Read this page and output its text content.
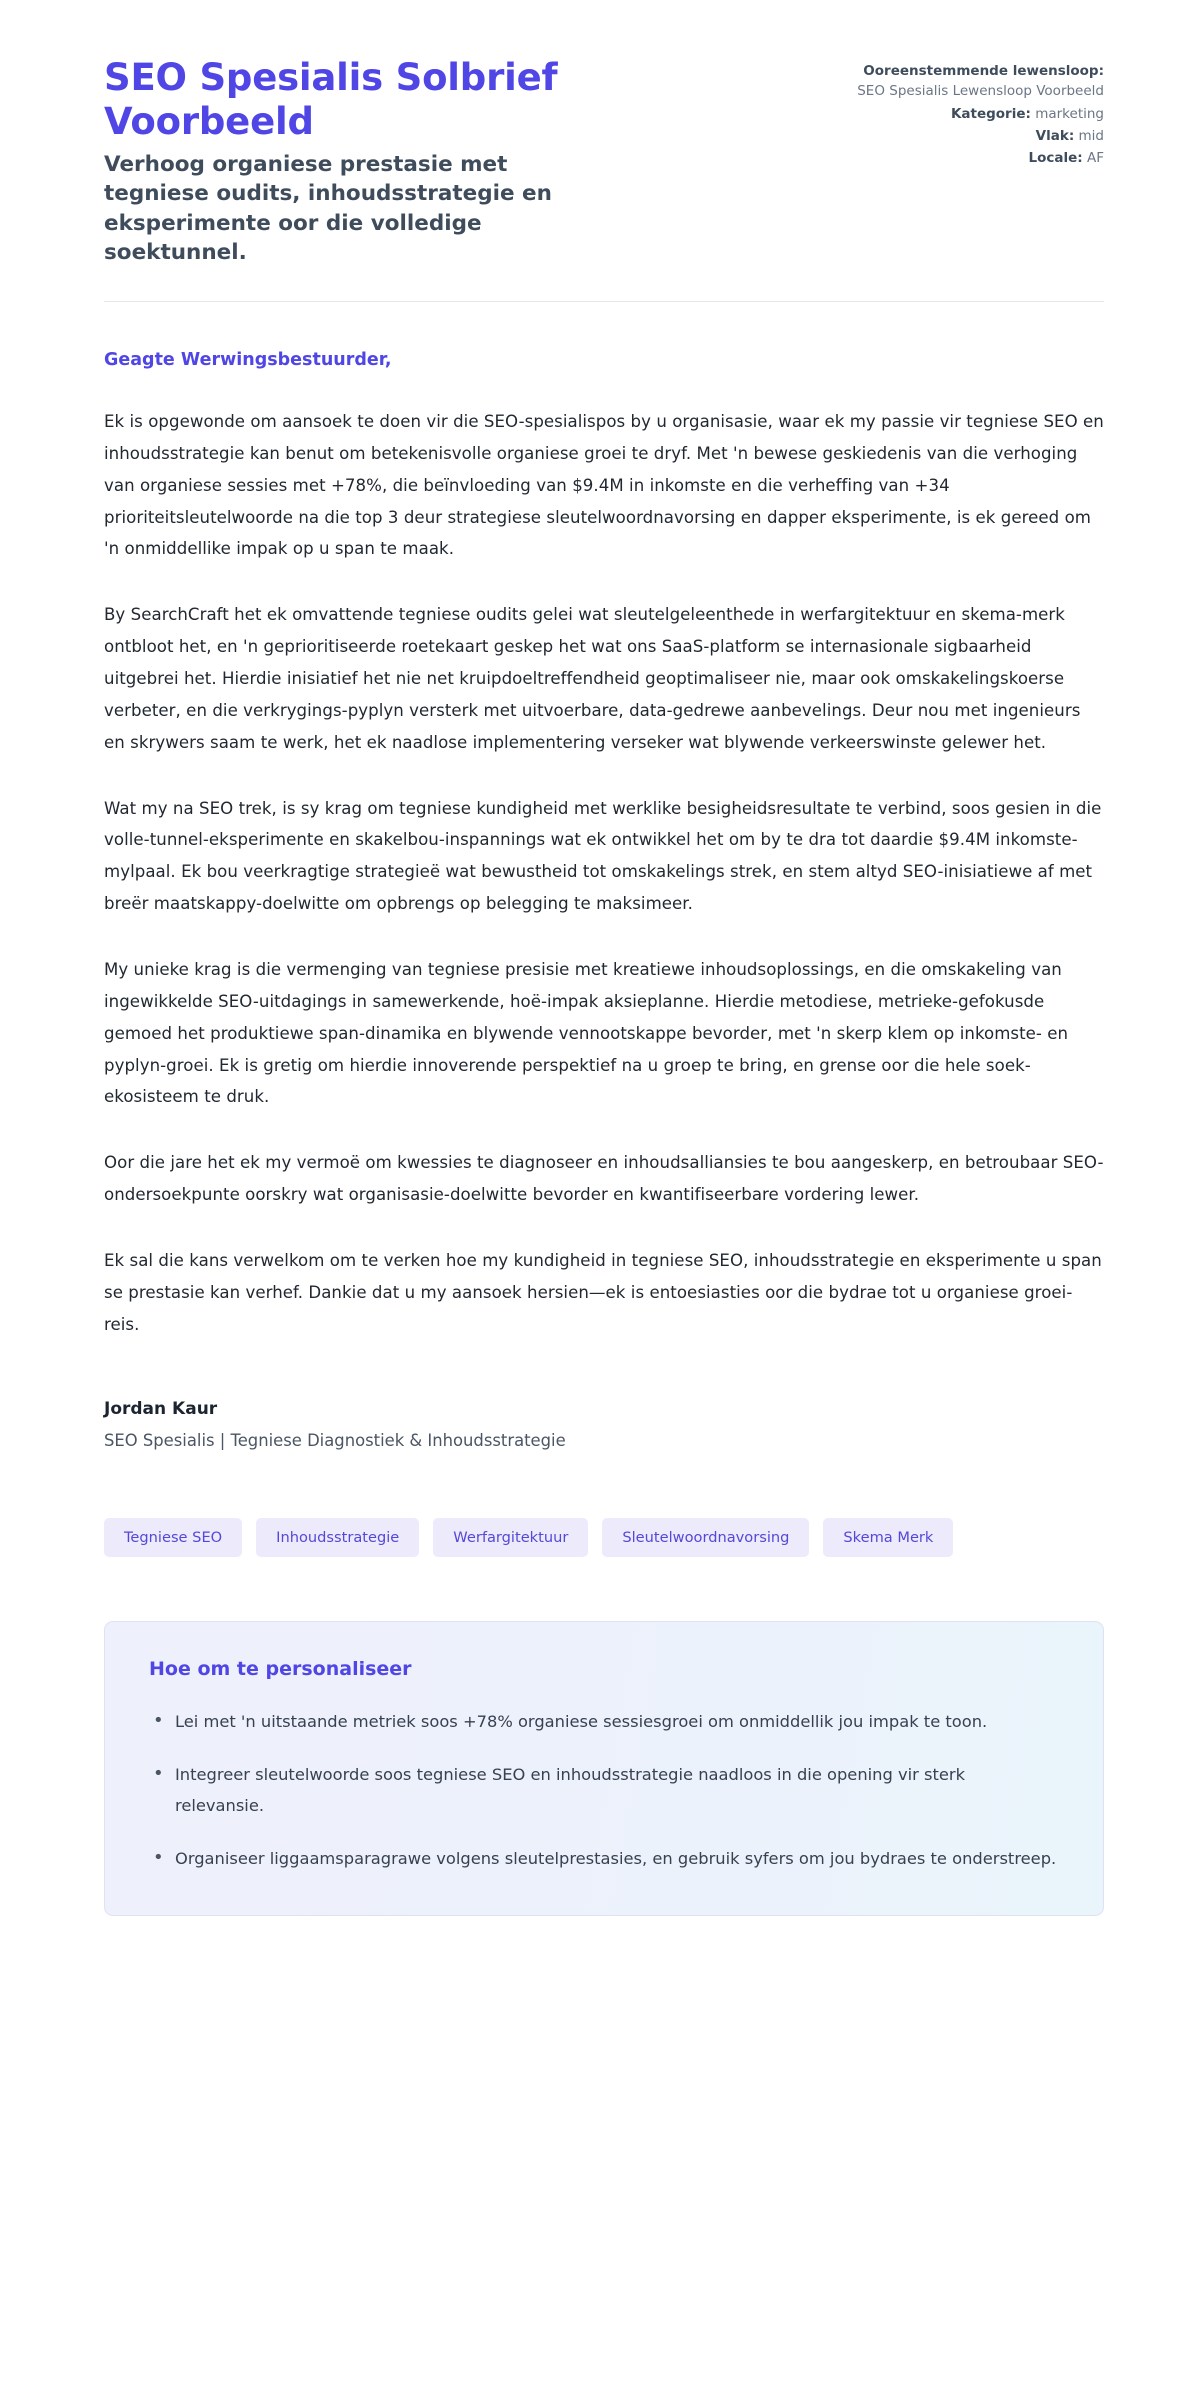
SEO Spesialis Solbrief Voorbeeld

Verhoog organiese prestasie met tegniese oudits, inhoudsstrategie en eksperimente oor die volledige soektunnel.

Ooreenstemmende lewensloop: SEO Spesialis Lewensloop Voorbeeld
Kategorie: marketing
Vlak: mid
Locale: AF

Geagte Werwingsbestuurder,

Ek is opgewonde om aansoek te doen vir die SEO-spesialispos by u organisasie, waar ek my passie vir tegniese SEO en inhoudsstrategie kan benut om betekenisvolle organiese groei te dryf. Met 'n bewese geskiedenis van die verhoging van organiese sessies met +78%, die beïnvloeding van $9.4M in inkomste en die verheffing van +34 prioriteitsleutelwoorde na die top 3 deur strategiese sleutelwoordnavorsing en dapper eksperimente, is ek gereed om 'n onmiddellike impak op u span te maak.

By SearchCraft het ek omvattende tegniese oudits gelei wat sleutelgeleenthede in werfargitektuur en skema-merk ontbloot het, en 'n geprioritiseerde roetekaart geskep het wat ons SaaS-platform se internasionale sigbaarheid uitgebrei het. Hierdie inisiatief het nie net kruipdoeltreffendheid geoptimaliseer nie, maar ook omskakelingskoerse verbeter, en die verkrygings-pyplyn versterk met uitvoerbare, data-gedrewe aanbevelings. Deur nou met ingenieurs en skrywers saam te werk, het ek naadlose implementering verseker wat blywende verkeerswinste gelewer het.

Wat my na SEO trek, is sy krag om tegniese kundigheid met werklike besigheidsresultate te verbind, soos gesien in die volle-tunnel-eksperimente en skakelbou-inspannings wat ek ontwikkel het om by te dra tot daardie $9.4M inkomste-mylpaal. Ek bou veerkragtige strategieë wat bewustheid tot omskakelings strek, en stem altyd SEO-inisiatiewe af met breër maatskappy-doelwitte om opbrengs op belegging te maksimeer.

My unieke krag is die vermenging van tegniese presisie met kreatiewe inhoudsoplossings, en die omskakeling van ingewikkelde SEO-uitdagings in samewerkende, hoë-impak aksieplanne. Hierdie metodiese, metrieke-gefokusde gemoed het produktiewe span-dinamika en blywende vennootskappe bevorder, met 'n skerp klem op inkomste- en pyplyn-groei. Ek is gretig om hierdie innoverende perspektief na u groep te bring, en grense oor die hele soek-ekosisteem te druk.

Oor die jare het ek my vermoë om kwessies te diagnoseer en inhoudsalliansies te bou aangeskerp, en betroubaar SEO-ondersoekpunte oorskry wat organisasie-doelwitte bevorder en kwantifiseerbare vordering lewer.

Ek sal die kans verwelkom om te verken hoe my kundigheid in tegniese SEO, inhoudsstrategie en eksperimente u span se prestasie kan verhef. Dankie dat u my aansoek hersien—ek is entoesiasties oor die bydrae tot u organiese groei-reis.

Jordan Kaur
SEO Spesialis | Tegniese Diagnostiek & Inhoudsstrategie
Tegniese SEO	Inhoudsstrategie	Werfargitektuur	Sleutelwoordnavorsing	Skema Merk
Hoe om te personaliseer
• Lei met 'n uitstaande metriek soos +78% organiese sessiesgroei om onmiddellik jou impak te toon.
• Integreer sleutelwoorde soos tegniese SEO en inhoudsstrategie naadloos in die opening vir sterk relevansie.
• Organiseer liggaamsparagrawe volgens sleutelprestasies, en gebruik syfers om jou bydraes te onderstreep.
